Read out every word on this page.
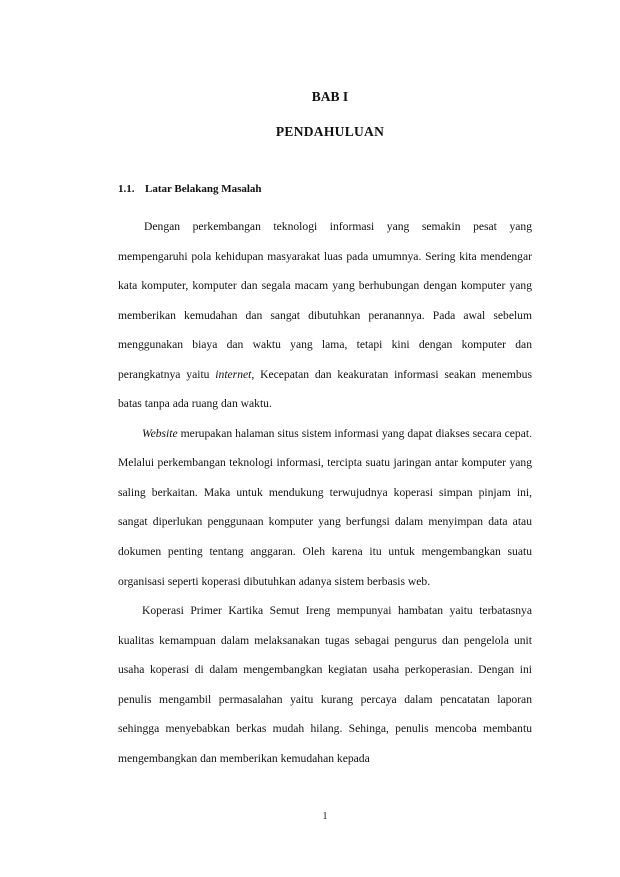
BAB I
PENDAHULUAN
1.1. Latar Belakang Masalah

Dengan perkembangan teknologi informasi yang semakin pesat yang mempengaruhi pola kehidupan masyarakat luas pada umumnya. Sering kita mendengar kata komputer, komputer dan segala macam yang berhubungan dengan komputer yang memberikan kemudahan dan sangat dibutuhkan peranannya. Pada awal sebelum menggunakan biaya dan waktu yang lama, tetapi kini dengan komputer dan perangkatnya yaitu internet, Kecepatan dan keakuratan informasi seakan menembus batas tanpa ada ruang dan waktu.

Website merupakan halaman situs sistem informasi yang dapat diakses secara cepat. Melalui perkembangan teknologi informasi, tercipta suatu jaringan antar komputer yang saling berkaitan. Maka untuk mendukung terwujudnya koperasi simpan pinjam ini, sangat diperlukan penggunaan komputer yang berfungsi dalam menyimpan data atau dokumen penting tentang anggaran. Oleh karena itu untuk mengembangkan suatu organisasi seperti koperasi dibutuhkan adanya sistem berbasis web.

Koperasi Primer Kartika Semut Ireng mempunyai hambatan yaitu terbatasnya kualitas kemampuan dalam melaksanakan tugas sebagai pengurus dan pengelola unit usaha koperasi di dalam mengembangkan kegiatan usaha perkoperasian. Dengan ini penulis mengambil permasalahan yaitu kurang percaya dalam pencatatan laporan sehingga menyebabkan berkas mudah hilang. Sehinga, penulis mencoba membantu mengembangkan dan memberikan kemudahan kepada

1
